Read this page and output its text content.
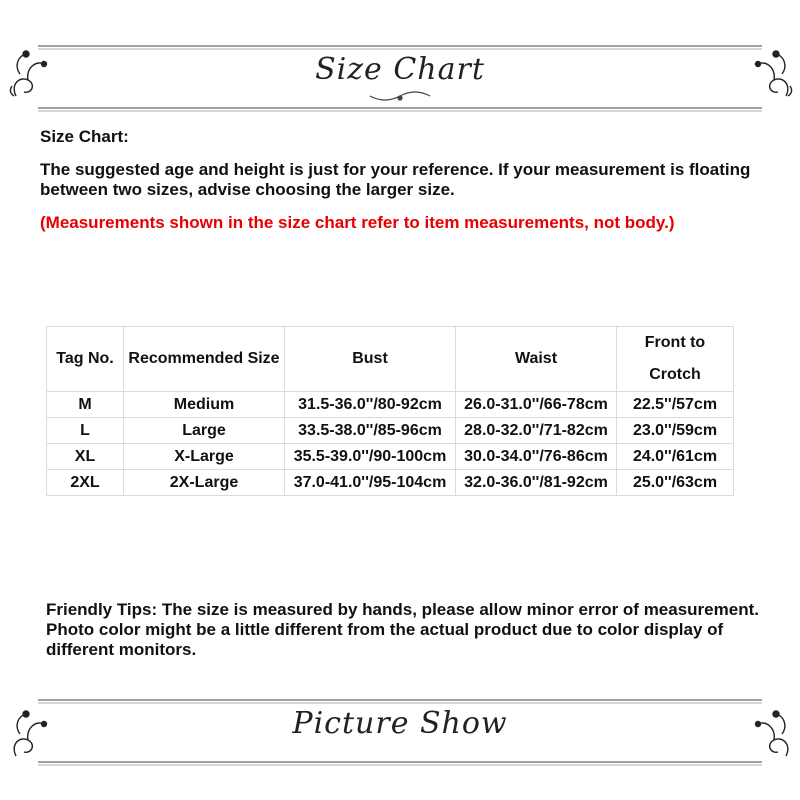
Size Chart

Size Chart:

The suggested age and height is just for your reference. If your measurement is floating between two sizes, advise choosing the larger size.

(Measurements shown in the size chart refer to item measurements, not body.)

Tag No.	Recommended Size	Bust	Waist	Front to Crotch
M	Medium	31.5-36.0''/80-92cm	26.0-31.0''/66-78cm	22.5''/57cm
L	Large	33.5-38.0''/85-96cm	28.0-32.0''/71-82cm	23.0''/59cm
XL	X-Large	35.5-39.0''/90-100cm	30.0-34.0''/76-86cm	24.0''/61cm
2XL	2X-Large	37.0-41.0''/95-104cm	32.0-36.0''/81-92cm	25.0''/63cm

Friendly Tips: The size is measured by hands, please allow minor error of measurement. Photo color might be a little different from the actual product due to color display of different monitors.

Picture Show
